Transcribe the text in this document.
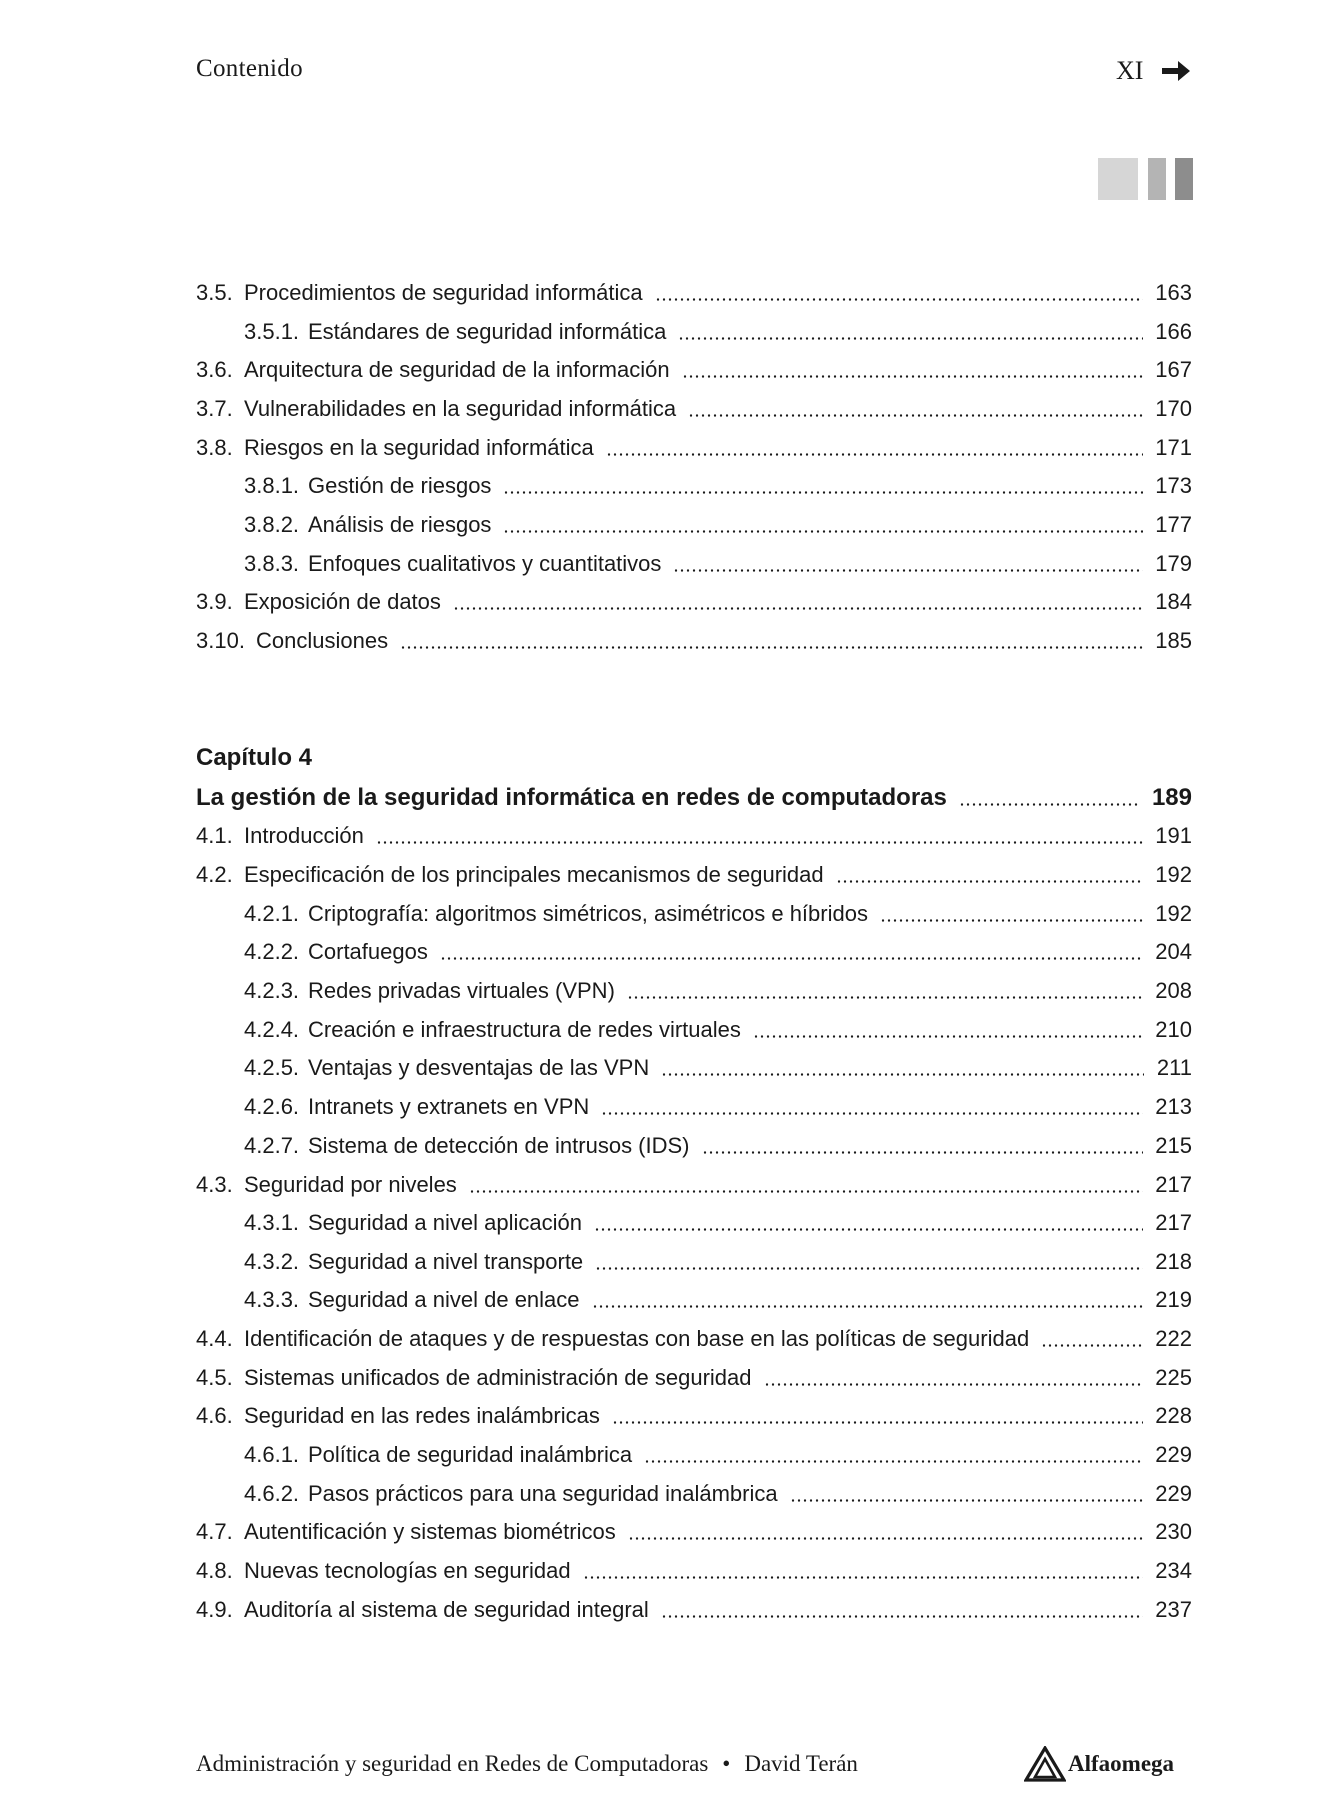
Contenido	XI
Capítulo 4
3.5. Procedimientos de seguridad informática	163
3.5.1. Estándares de seguridad informática	166
3.6. Arquitectura de seguridad de la información	167
3.7. Vulnerabilidades en la seguridad informática	170
3.8. Riesgos en la seguridad informática	171
3.8.1. Gestión de riesgos	173
3.8.2. Análisis de riesgos	177
3.8.3. Enfoques cualitativos y cuantitativos	179
3.9. Exposición de datos	184
3.10. Conclusiones	185
La gestión de la seguridad informática en redes de computadoras	189
4.1. Introducción	191
4.2. Especificación de los principales mecanismos de seguridad	192
4.2.1. Criptografía: algoritmos simétricos, asimétricos e híbridos	192
4.2.2. Cortafuegos	204
4.2.3. Redes privadas virtuales (VPN)	208
4.2.4. Creación e infraestructura de redes virtuales	210
4.2.5. Ventajas y desventajas de las VPN	211
4.2.6. Intranets y extranets en VPN	213
4.2.7. Sistema de detección de intrusos (IDS)	215
4.3. Seguridad por niveles	217
4.3.1. Seguridad a nivel aplicación	217
4.3.2. Seguridad a nivel transporte	218
4.3.3. Seguridad a nivel de enlace	219
4.4. Identificación de ataques y de respuestas con base en las políticas de seguridad	222
4.5. Sistemas unificados de administración de seguridad	225
4.6. Seguridad en las redes inalámbricas	228
4.6.1. Política de seguridad inalámbrica	229
4.6.2. Pasos prácticos para una seguridad inalámbrica	229
4.7. Autentificación y sistemas biométricos	230
4.8. Nuevas tecnologías en seguridad	234
4.9. Auditoría al sistema de seguridad integral	237
Administración y seguridad en Redes de Computadoras • David Terán	Alfaomega
